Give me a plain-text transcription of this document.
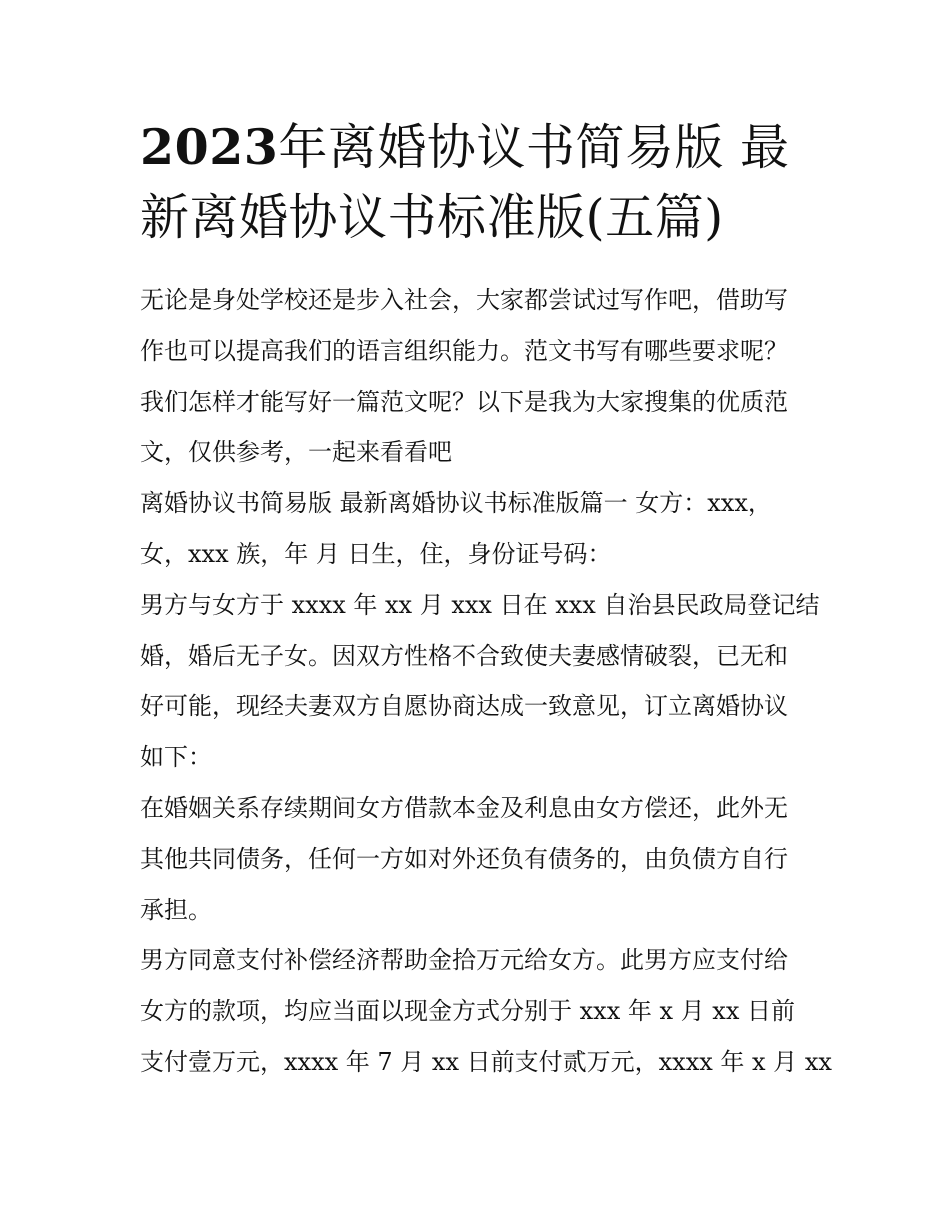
2023年离婚协议书简易版 最
新离婚协议书标准版(五篇)
无论是身处学校还是步入社会，大家都尝试过写作吧，借助写
作也可以提高我们的语言组织能力。范文书写有哪些要求呢？
我们怎样才能写好一篇范文呢？以下是我为大家搜集的优质范
文，仅供参考，一起来看看吧
离婚协议书简易版 最新离婚协议书标准版篇一 女方：xxx，
女，xxx 族，年 月 日生，住，身份证号码：
男方与女方于 xxxx 年 xx 月 xxx 日在 xxx 自治县民政局登记结
婚，婚后无子女。因双方性格不合致使夫妻感情破裂，已无和
好可能，现经夫妻双方自愿协商达成一致意见，订立离婚协议
如下：
在婚姻关系存续期间女方借款本金及利息由女方偿还，此外无
其他共同债务，任何一方如对外还负有债务的，由负债方自行
承担。
男方同意支付补偿经济帮助金拾万元给女方。此男方应支付给
女方的款项，均应当面以现金方式分别于 xxx 年 x 月 xx 日前
支付壹万元，xxxx 年 7 月 xx 日前支付贰万元，xxxx 年 x 月 xx
